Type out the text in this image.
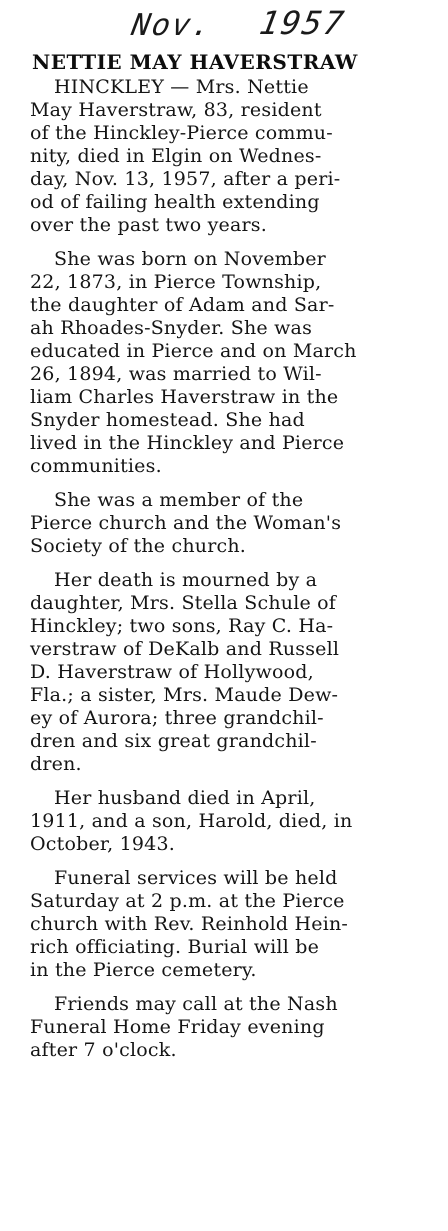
Nov. 1957
NETTIE MAY HAVERSTRAW
HINCKLEY — Mrs. Nettie
May Haverstraw, 83, resident
of the Hinckley-Pierce commu-
nity, died in Elgin on Wednes-
day, Nov. 13, 1957, after a peri-
od of failing health extending
over the past two years.
She was born on November
22, 1873, in Pierce Township,
the daughter of Adam and Sar-
ah Rhoades-Snyder. She was
educated in Pierce and on March
26, 1894, was married to Wil-
liam Charles Haverstraw in the
Snyder homestead. She had
lived in the Hinckley and Pierce
communities.
She was a member of the
Pierce church and the Woman's
Society of the church.
Her death is mourned by a
daughter, Mrs. Stella Schule of
Hinckley; two sons, Ray C. Ha-
verstraw of DeKalb and Russell
D. Haverstraw of Hollywood,
Fla.; a sister, Mrs. Maude Dew-
ey of Aurora; three grandchil-
dren and six great grandchil-
dren.
Her husband died in April,
1911, and a son, Harold, died, in
October, 1943.
Funeral services will be held
Saturday at 2 p.m. at the Pierce
church with Rev. Reinhold Hein-
rich officiating. Burial will be
in the Pierce cemetery.
Friends may call at the Nash
Funeral Home Friday evening
after 7 o'clock.
